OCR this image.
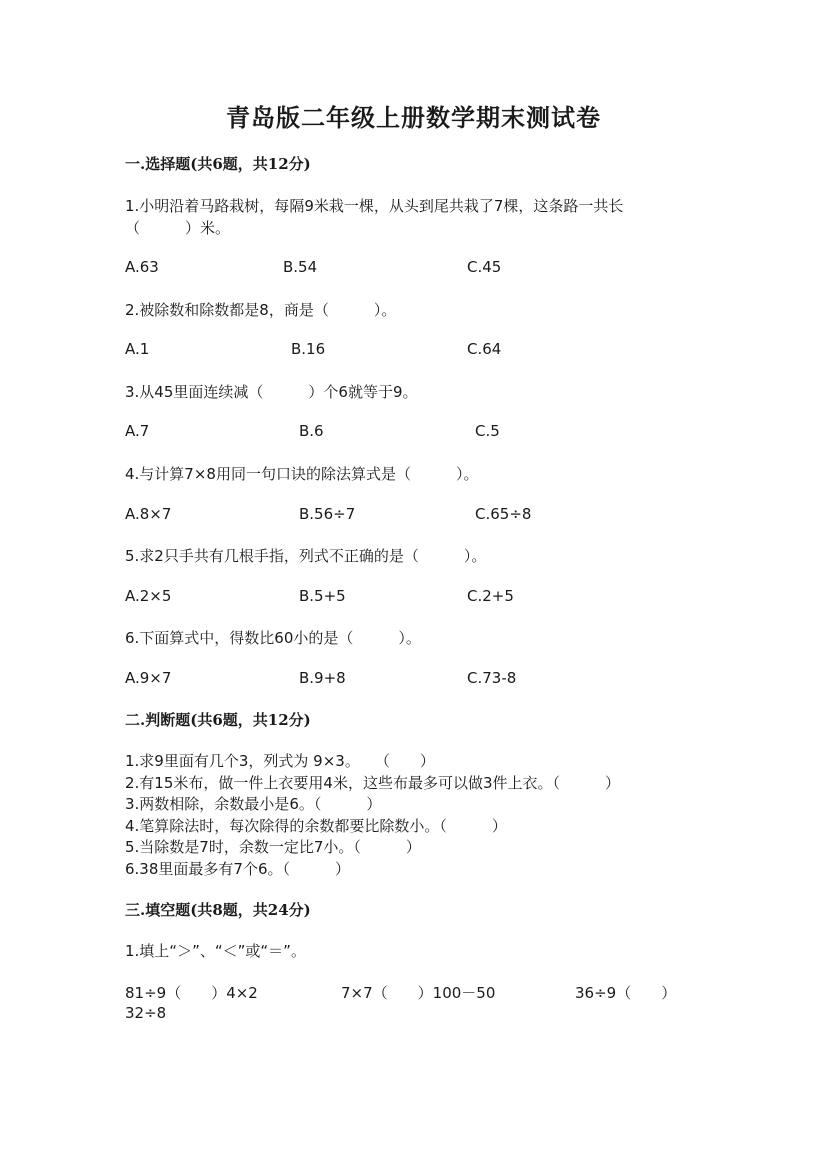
青岛版二年级上册数学期末测试卷
一.选择题(共6题，共12分)
1.小明沿着马路栽树，每隔9米栽一棵，从头到尾共栽了7棵，这条路一共长
（　　　）米。
A.63	B.54	C.45
2.被除数和除数都是8，商是（　　　）。
A.1	B.16	C.64
3.从45里面连续减（　　　）个6就等于9。
A.7	B.6	C.5
4.与计算7×8用同一句口诀的除法算式是（　　　）。
A.8×7	B.56÷7	C.65÷8
5.求2只手共有几根手指，列式不正确的是（　　　）。
A.2×5	B.5+5	C.2+5
6.下面算式中，得数比60小的是（　　　）。
A.9×7	B.9+8	C.73-8
二.判断题(共6题，共12分)
1.求9里面有几个3，列式为 9×3。　　（　　）
2.有15米布，做一件上衣要用4米，这些布最多可以做3件上衣。（　　　）
3.两数相除，余数最小是6。（　　　）
4.笔算除法时，每次除得的余数都要比除数小。（　　　）
5.当除数是7时，余数一定比7小。（　　　）
6.38里面最多有7个6。（　　　）
三.填空题(共8题，共24分)
1.填上“＞”、“＜”或“＝”。
81÷9（　　）4×2	7×7（　　）100－50	36÷9（　　）
32÷8
